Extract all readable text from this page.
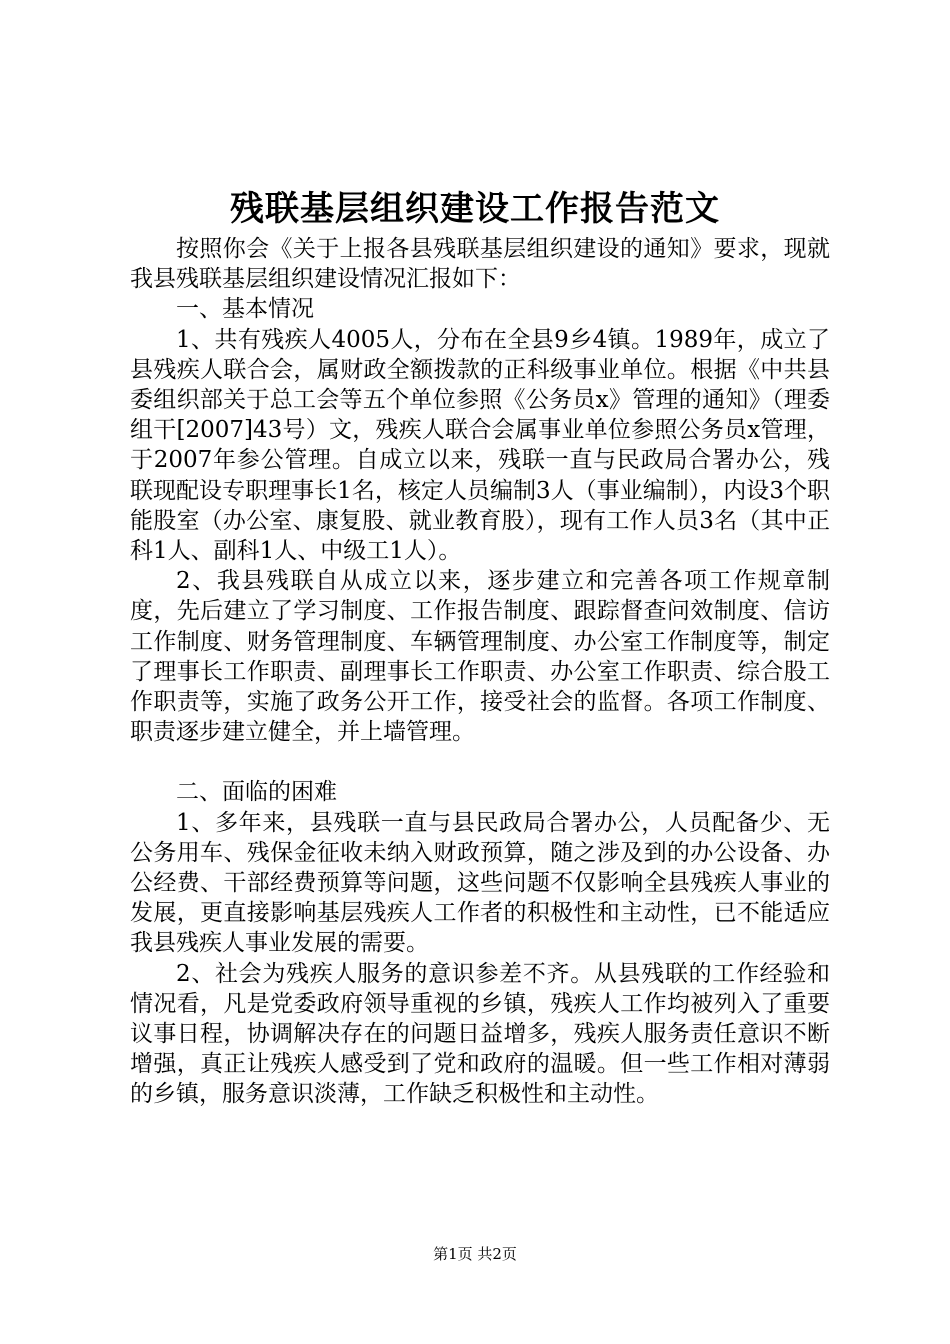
残联基层组织建设工作报告范文

按照你会《关于上报各县残联基层组织建设的通知》要求，现就我县残联基层组织建设情况汇报如下：

一、基本情况

1、共有残疾人4005人，分布在全县9乡4镇。1989年，成立了县残疾人联合会，属财政全额拨款的正科级事业单位。根据《中共县委组织部关于总工会等五个单位参照《公务员x》管理的通知》（理委组干[2007]43号）文，残疾人联合会属事业单位参照公务员x管理，于2007年参公管理。自成立以来，残联一直与民政局合署办公，残联现配设专职理事长1名，核定人员编制3人（事业编制），内设3个职能股室（办公室、康复股、就业教育股），现有工作人员3名（其中正科1人、副科1人、中级工1人）。

2、我县残联自从成立以来，逐步建立和完善各项工作规章制度，先后建立了学习制度、工作报告制度、跟踪督查问效制度、信访工作制度、财务管理制度、车辆管理制度、办公室工作制度等，制定了理事长工作职责、副理事长工作职责、办公室工作职责、综合股工作职责等，实施了政务公开工作，接受社会的监督。各项工作制度、职责逐步建立健全，并上墙管理。

二、面临的困难

1、多年来，县残联一直与县民政局合署办公，人员配备少、无公务用车、残保金征收未纳入财政预算，随之涉及到的办公设备、办公经费、干部经费预算等问题，这些问题不仅影响全县残疾人事业的发展，更直接影响基层残疾人工作者的积极性和主动性，已不能适应我县残疾人事业发展的需要。

2、社会为残疾人服务的意识参差不齐。从县残联的工作经验和情况看，凡是党委政府领导重视的乡镇，残疾人工作均被列入了重要议事日程，协调解决存在的问题日益增多，残疾人服务责任意识不断增强，真正让残疾人感受到了党和政府的温暖。但一些工作相对薄弱的乡镇，服务意识淡薄，工作缺乏积极性和主动性。

第1页 共2页
